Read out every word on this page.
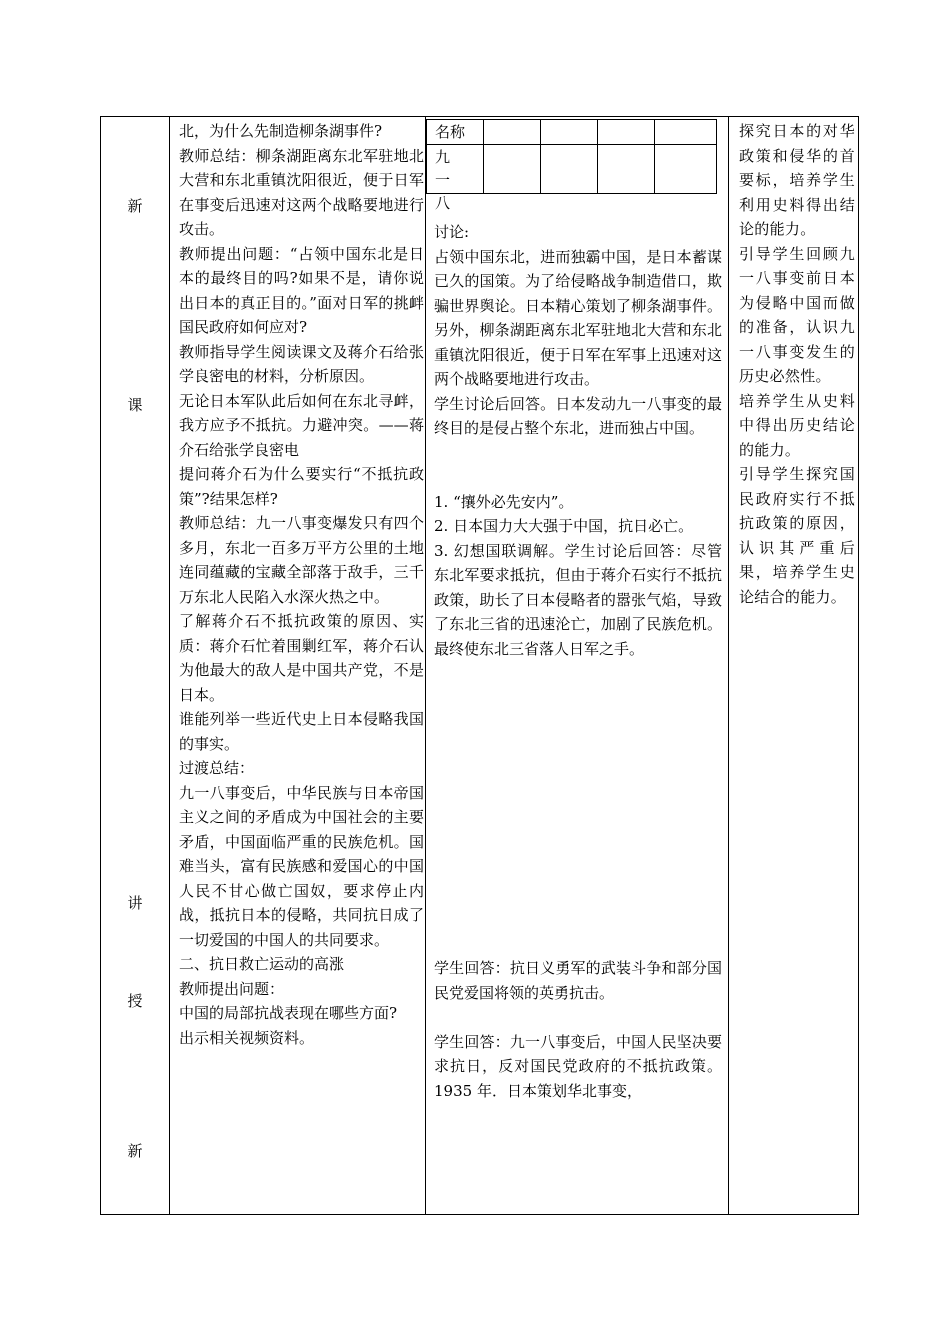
新
课
讲
授
新

北，为什么先制造柳条湖事件?

教师总结：柳条湖距离东北军驻地北大营和东北重镇沈阳很近，便于日军在事变后迅速对这两个战略要地进行攻击。

教师提出问题：“占领中国东北是日本的最终目的吗?如果不是，请你说出日本的真正目的。”面对日军的挑衅国民政府如何应对?

教师指导学生阅读课文及蒋介石给张学良密电的材料，分析原因。

无论日本军队此后如何在东北寻衅，我方应予不抵抗。力避冲突。——蒋介石给张学良密电

提问蒋介石为什么要实行“不抵抗政策”?结果怎样?

教师总结：九一八事变爆发只有四个多月，东北一百多万平方公里的土地连同蕴藏的宝藏全部落于敌手，三千万东北人民陷入水深火热之中。

了解蒋介石不抵抗政策的原因、实质：蒋介石忙着围剿红军，蒋介石认为他最大的敌人是中国共产党，不是日本。

谁能列举一些近代史上日本侵略我国的事实。

过渡总结：

九一八事变后，中华民族与日本帝国主义之间的矛盾成为中国社会的主要矛盾，中国面临严重的民族危机。国难当头，富有民族感和爱国心的中国人民不甘心做亡国奴，要求停止内战，抵抗日本的侵略，共同抗日成了一切爱国的中国人的共同要求。

二、抗日救亡运动的高涨

教师提出问题：

中国的局部抗战表现在哪些方面?

出示相关视频资料。

名称
九一八

讨论:

占领中国东北，进而独霸中国，是日本蓄谋已久的国策。为了给侵略战争制造借口，欺骗世界舆论。日本精心策划了柳条湖事件。另外，柳条湖距离东北军驻地北大营和东北重镇沈阳很近，便于日军在军事上迅速对这两个战略要地进行攻击。

学生讨论后回答。日本发动九一八事变的最终目的是侵占整个东北，进而独占中国。

1. “攘外必先安内”。

2. 日本国力大大强于中国，抗日必亡。

3. 幻想国联调解。学生讨论后回答：尽管东北军要求抵抗，但由于蒋介石实行不抵抗政策，助长了日本侵略者的嚣张气焰，导致了东北三省的迅速沦亡，加剧了民族危机。最终使东北三省落人日军之手。

学生回答：抗日义勇军的武装斗争和部分国民党爱国将领的英勇抗击。

学生回答：九一八事变后，中国人民坚决要求抗日，反对国民党政府的不抵抗政策。1935 年．日本策划华北事变，

探究日本的对华政策和侵华的首要标，培养学生利用史料得出结论的能力。

引导学生回顾九一八事变前日本为侵略中国而做的准备，认识九一八事变发生的历史必然性。

培养学生从史料中得出历史结论的能力。

引导学生探究国民政府实行不抵抗政策的原因，认识其严重后果，培养学生史论结合的能力。
